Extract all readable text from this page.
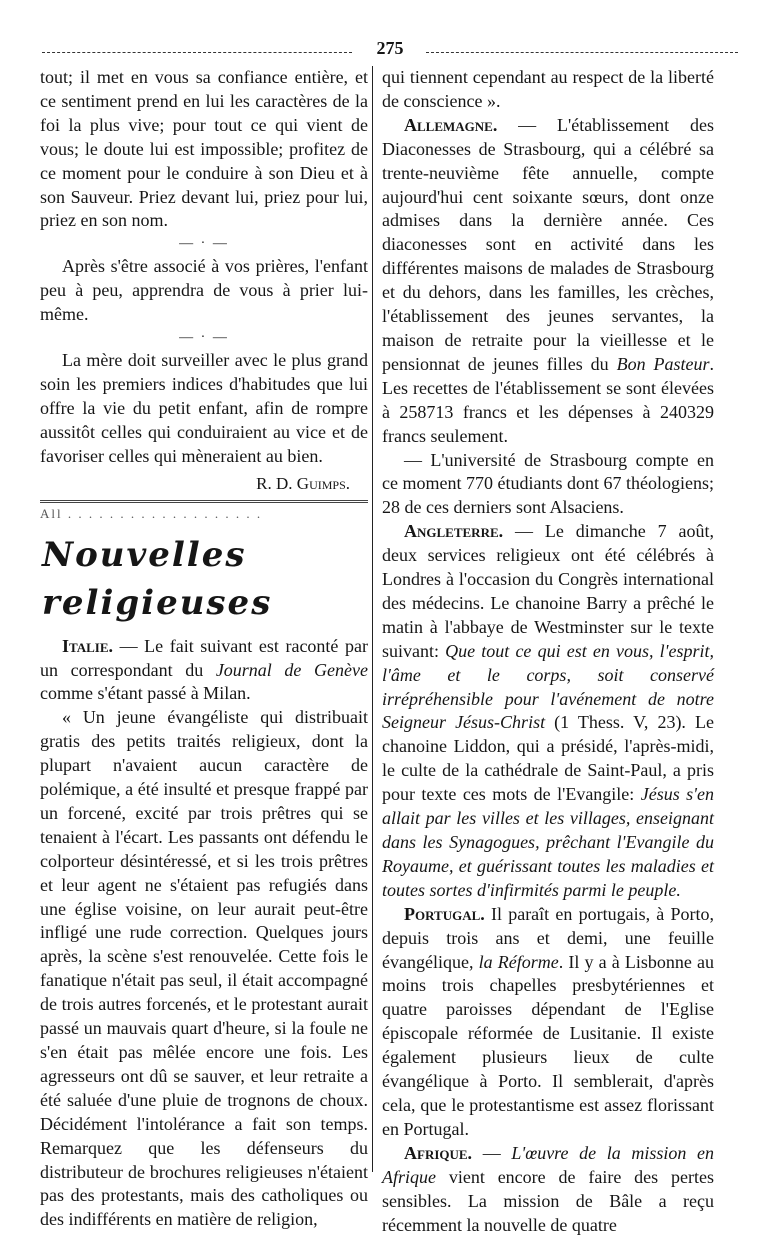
275

tout; il met en vous sa confiance entière, et ce sentiment prend en lui les caractères de la foi la plus vive; pour tout ce qui vient de vous; le doute lui est impossible; profitez de ce moment pour le conduire à son Dieu et à son Sauveur. Priez devant lui, priez pour lui, priez en son nom.

— · —

Après s'être associé à vos prières, l'enfant peu à peu, apprendra de vous à prier lui-même.

— · —

La mère doit surveiller avec le plus grand soin les premiers indices d'habitudes que lui offre la vie du petit enfant, afin de rompre aussitôt celles qui conduiraient au vice et de favoriser celles qui mèneraient au bien.

R. D. Guimps.
All . . . . . . . . . . . . . . . . . . .
Nouvelles religieuses

Italie. — Le fait suivant est raconté par un correspondant du Journal de Genève comme s'étant passé à Milan.

« Un jeune évangéliste qui distribuait gratis des petits traités religieux, dont la plupart n'avaient aucun caractère de polémique, a été insulté et presque frappé par un forcené, excité par trois prêtres qui se tenaient à l'écart. Les passants ont défendu le colporteur désintéressé, et si les trois prêtres et leur agent ne s'étaient pas refugiés dans une église voisine, on leur aurait peut-être infligé une rude correction. Quelques jours après, la scène s'est renouvelée. Cette fois le fanatique n'était pas seul, il était accompagné de trois autres forcenés, et le protestant aurait passé un mauvais quart d'heure, si la foule ne s'en était pas mêlée encore une fois. Les agresseurs ont dû se sauver, et leur retraite a été saluée d'une pluie de trognons de choux. Décidément l'intolérance a fait son temps. Remarquez que les défenseurs du distributeur de brochures religieuses n'étaient pas des protestants, mais des catholiques ou des indifférents en matière de religion,

qui tiennent cependant au respect de la liberté de conscience ».

Allemagne. — L'établissement des Diaconesses de Strasbourg, qui a célébré sa trente-neuvième fête annuelle, compte aujourd'hui cent soixante sœurs, dont onze admises dans la dernière année. Ces diaconesses sont en activité dans les différentes maisons de malades de Strasbourg et du dehors, dans les familles, les crèches, l'établissement des jeunes servantes, la maison de retraite pour la vieillesse et le pensionnat de jeunes filles du Bon Pasteur. Les recettes de l'établissement se sont élevées à 258713 francs et les dépenses à 240329 francs seulement.

— L'université de Strasbourg compte en ce moment 770 étudiants dont 67 théologiens; 28 de ces derniers sont Alsaciens.

Angleterre. — Le dimanche 7 août, deux services religieux ont été célébrés à Londres à l'occasion du Congrès international des médecins. Le chanoine Barry a prêché le matin à l'abbaye de Westminster sur le texte suivant: Que tout ce qui est en vous, l'esprit, l'âme et le corps, soit conservé irrépréhensible pour l'avénement de notre Seigneur Jésus-Christ (1 Thess. V, 23). Le chanoine Liddon, qui a présidé, l'après-midi, le culte de la cathédrale de Saint-Paul, a pris pour texte ces mots de l'Evangile: Jésus s'en allait par les villes et les villages, enseignant dans les Synagogues, prêchant l'Evangile du Royaume, et guérissant toutes les maladies et toutes sortes d'infirmités parmi le peuple.

Portugal. Il paraît en portugais, à Porto, depuis trois ans et demi, une feuille évangélique, la Réforme. Il y a à Lisbonne au moins trois chapelles presbytériennes et quatre paroisses dépendant de l'Eglise épiscopale réformée de Lusitanie. Il existe également plusieurs lieux de culte évangélique à Porto. Il semblerait, d'après cela, que le protestantisme est assez florissant en Portugal.

Afrique. — L'œuvre de la mission en Afrique vient encore de faire des pertes sensibles. La mission de Bâle a reçu récemment la nouvelle de quatre
